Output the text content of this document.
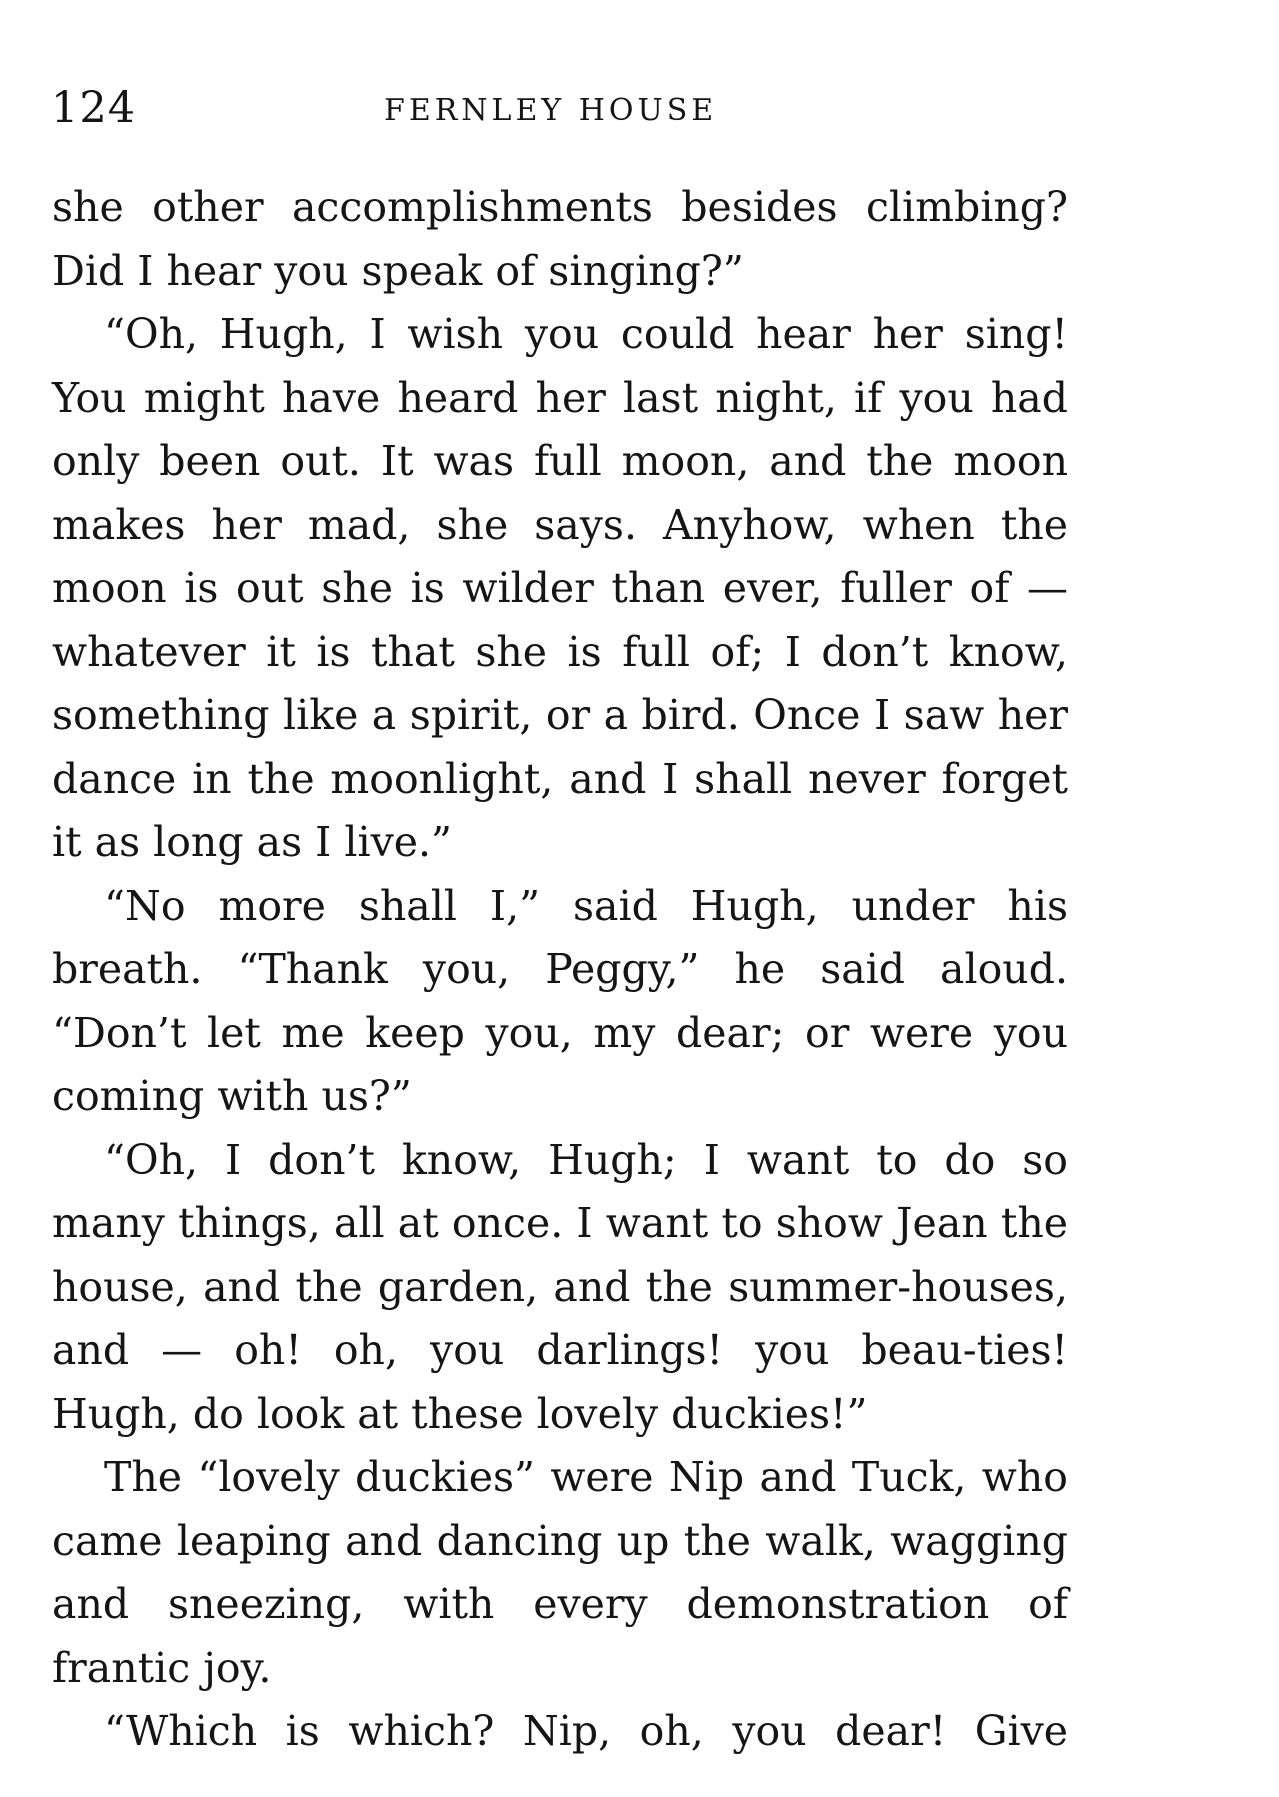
124	FERNLEY HOUSE

she other accomplishments besides climbing? Did I hear you speak of singing?”

“Oh, Hugh, I wish you could hear her sing! You might have heard her last night, if you had only been out. It was full moon, and the moon makes her mad, she says. Anyhow, when the moon is out she is wilder than ever, fuller of — whatever it is that she is full of; I don’t know, something like a spirit, or a bird. Once I saw her dance in the moonlight, and I shall never forget it as long as I live.”

“No more shall I,” said Hugh, under his breath. “Thank you, Peggy,” he said aloud. “Don’t let me keep you, my dear; or were you coming with us?”

“Oh, I don’t know, Hugh; I want to do so many things, all at once. I want to show Jean the house, and the garden, and the summer-houses, and — oh! oh, you darlings! you beau-ties! Hugh, do look at these lovely duckies!”

The “lovely duckies” were Nip and Tuck, who came leaping and dancing up the walk, wagging and sneezing, with every demonstration of frantic joy.

“Which is which? Nip, oh, you dear! Give
